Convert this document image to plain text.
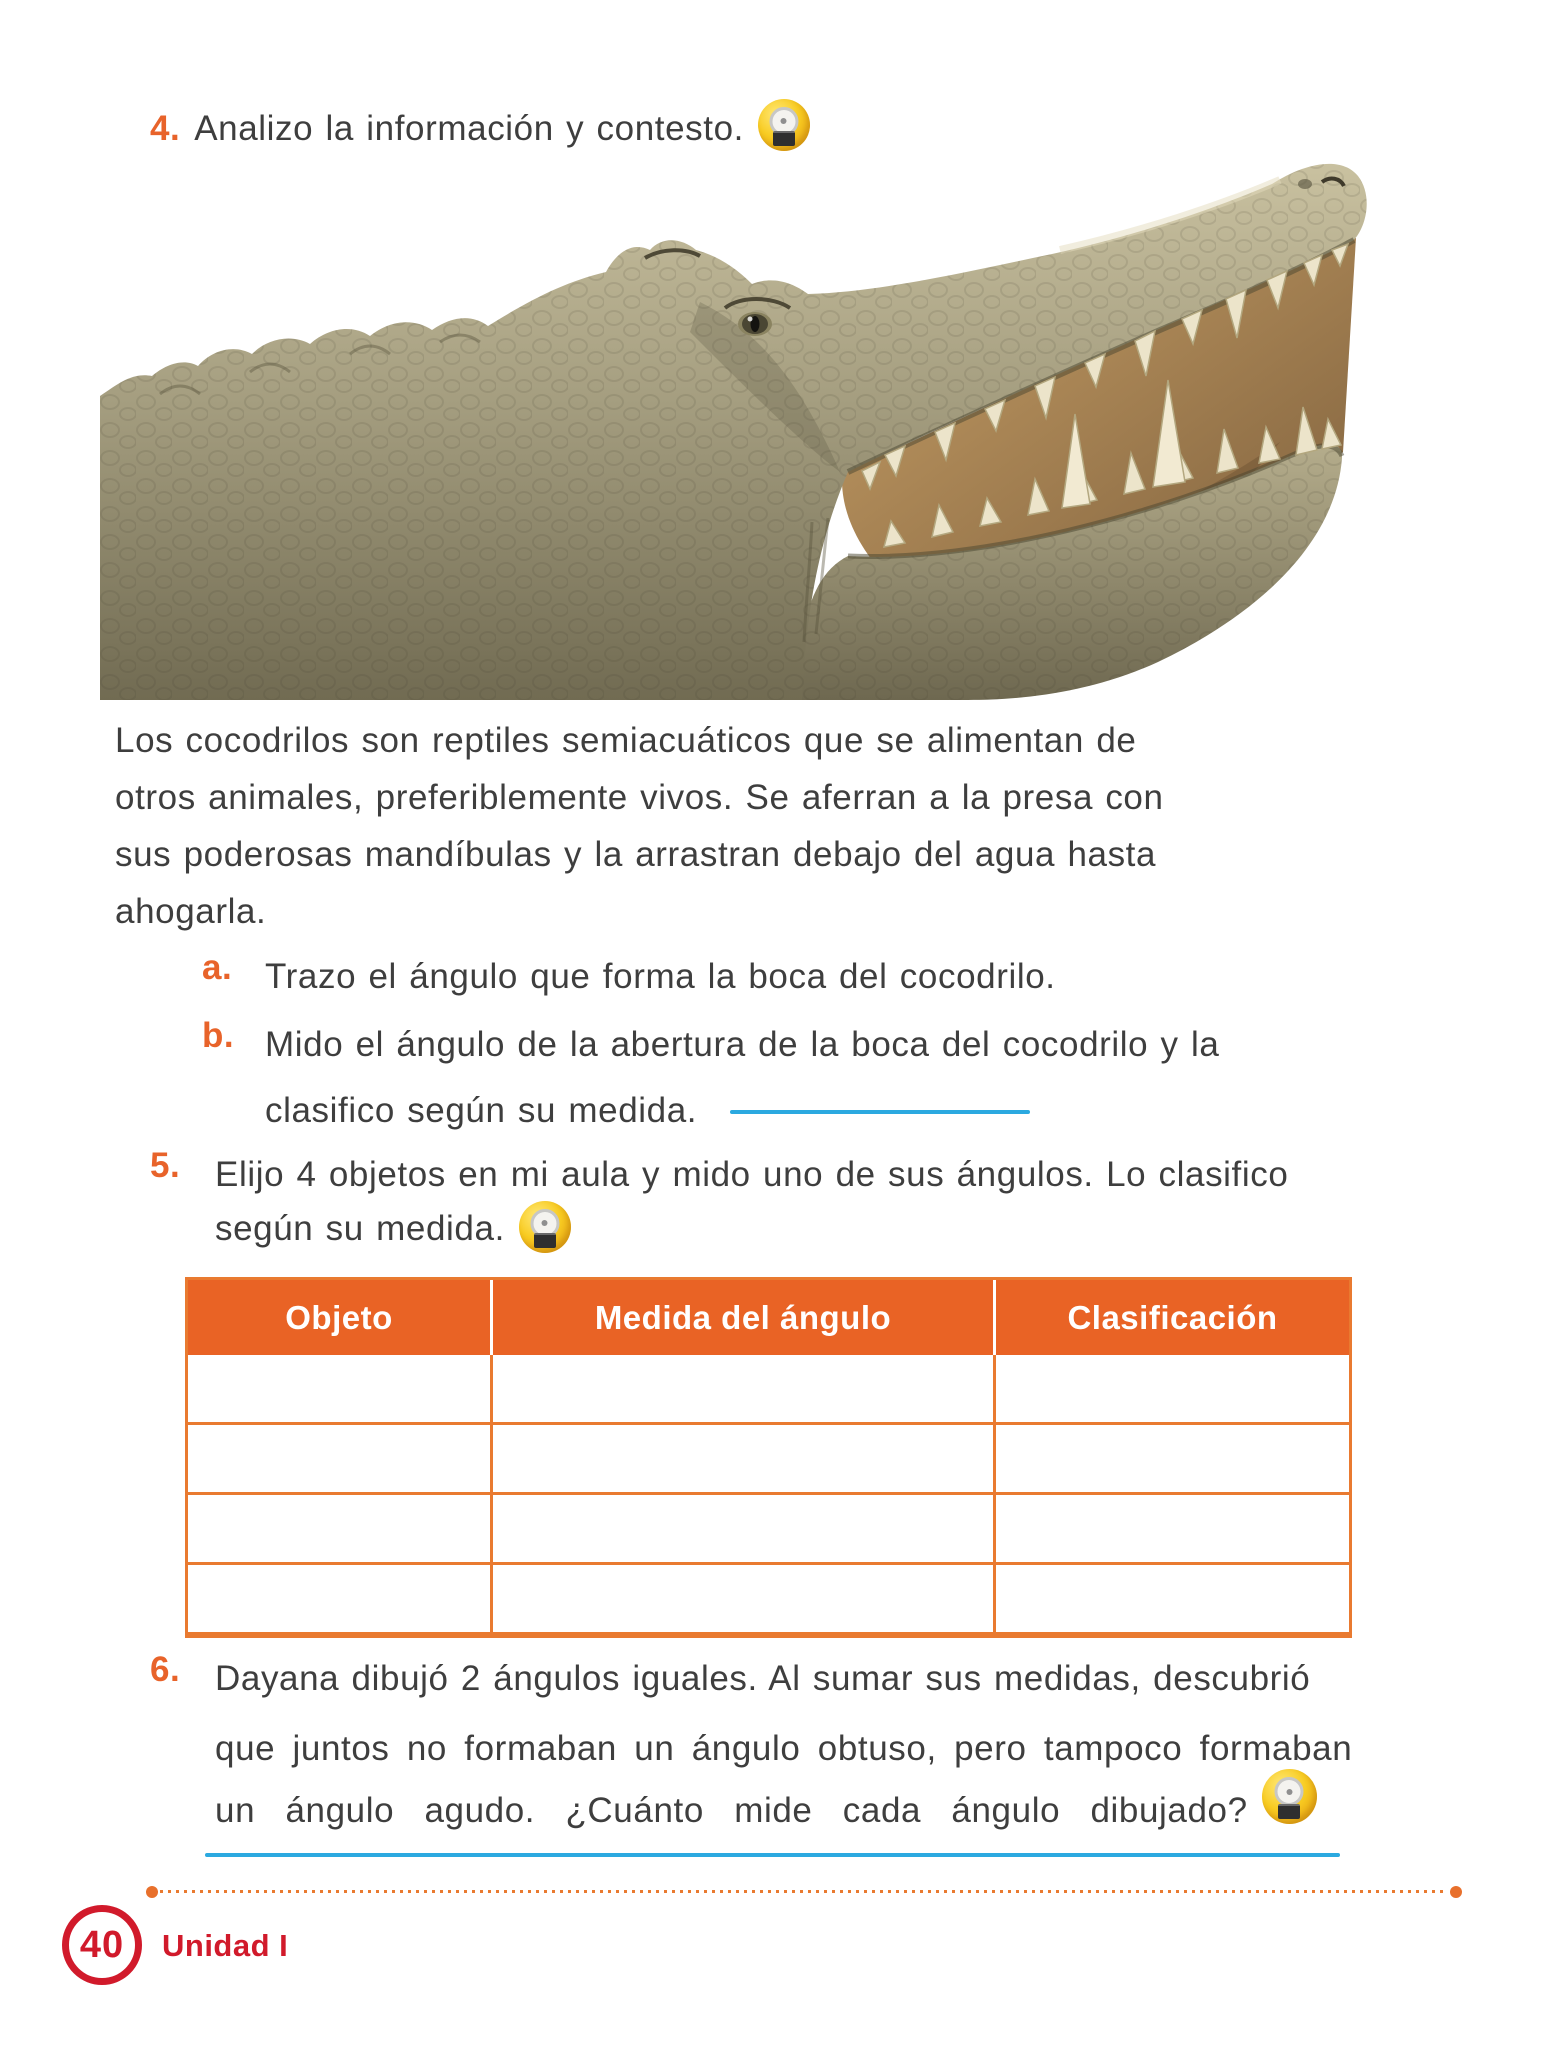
4. Analizo la información y contesto.
Los cocodrilos son reptiles semiacuáticos que se alimentan de
otros animales, preferiblemente vivos. Se aferran a la presa con
sus poderosas mandíbulas y la arrastran debajo del agua hasta
ahogarla.
a. Trazo el ángulo que forma la boca del cocodrilo.
b. Mido el ángulo de la abertura de la boca del cocodrilo y la
clasifico según su medida.
5. Elijo 4 objetos en mi aula y mido uno de sus ángulos. Lo clasifico
según su medida.
Objeto	Medida del ángulo	Clasificación
6. Dayana dibujó 2 ángulos iguales. Al sumar sus medidas, descubrió
que juntos no formaban un ángulo obtuso, pero tampoco formaban
un ángulo agudo. ¿Cuánto mide cada ángulo dibujado?
40 Unidad I
